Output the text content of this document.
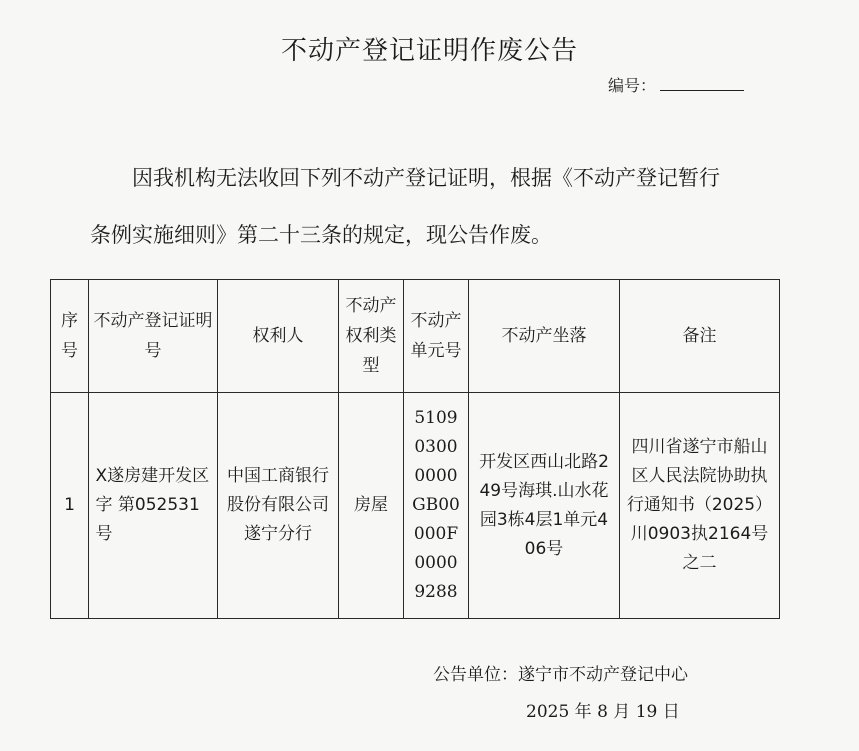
不动产登记证明作废公告
编号：
因我机构无法收回下列不动产登记证明，根据《不动产登记暂行
条例实施细则》第二十三条的规定，现公告作废。
序号	不动产登记证明号	权利人	不动产权利类型	不动产单元号	不动产坐落	备注
1	X遂房建开发区 字 第052531号	中国工商银行股份有限公司遂宁分行	房屋	510903000000GB00000F00009288	开发区西山北路249号海琪.山水花园3栋4层1单元406号	四川省遂宁市船山区人民法院协助执行通知书（2025）川0903执2164号之二
公告单位：遂宁市不动产登记中心
2025 年 8 月 19 日
